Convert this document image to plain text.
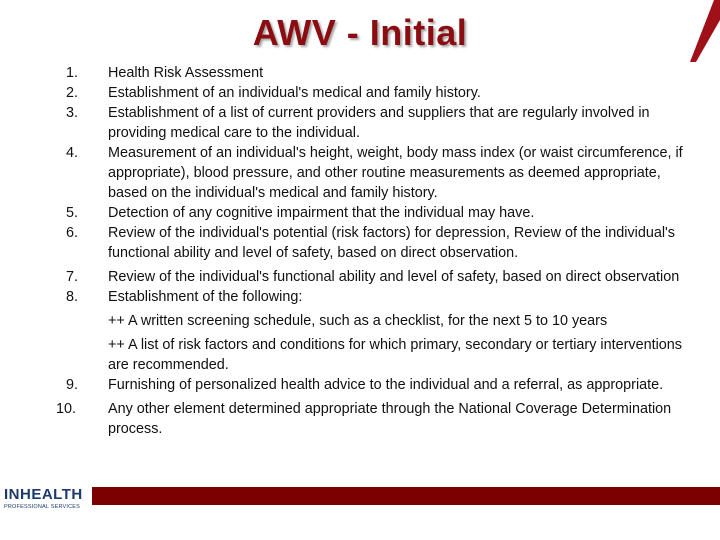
AWV - Initial
1.	Health Risk Assessment
2.	Establishment of an individual's medical and family history.
3.	Establishment of a list of current providers and suppliers that are regularly involved in providing medical care to the individual.
4.	Measurement of an individual's height, weight, body mass index (or waist circumference, if appropriate), blood pressure, and other routine measurements as deemed appropriate, based on the individual's medical and family history.
5.	Detection of any cognitive impairment that the individual may have.
6.	Review of the individual's potential (risk factors) for depression, Review of the individual's functional ability and level of safety, based on direct observation.
7.	Review of the individual's functional ability and level of safety, based on direct observation
8.	Establishment of the following:
++ A written screening schedule, such as a checklist, for the next 5 to 10 years
++ A list of risk factors and conditions for which primary, secondary or tertiary interventions are recommended.
9.	Furnishing of personalized health advice to the individual and a referral, as appropriate.
10.	Any other element determined appropriate through the National Coverage Determination process.
INHEALTH
PROFESSIONAL SERVICES
